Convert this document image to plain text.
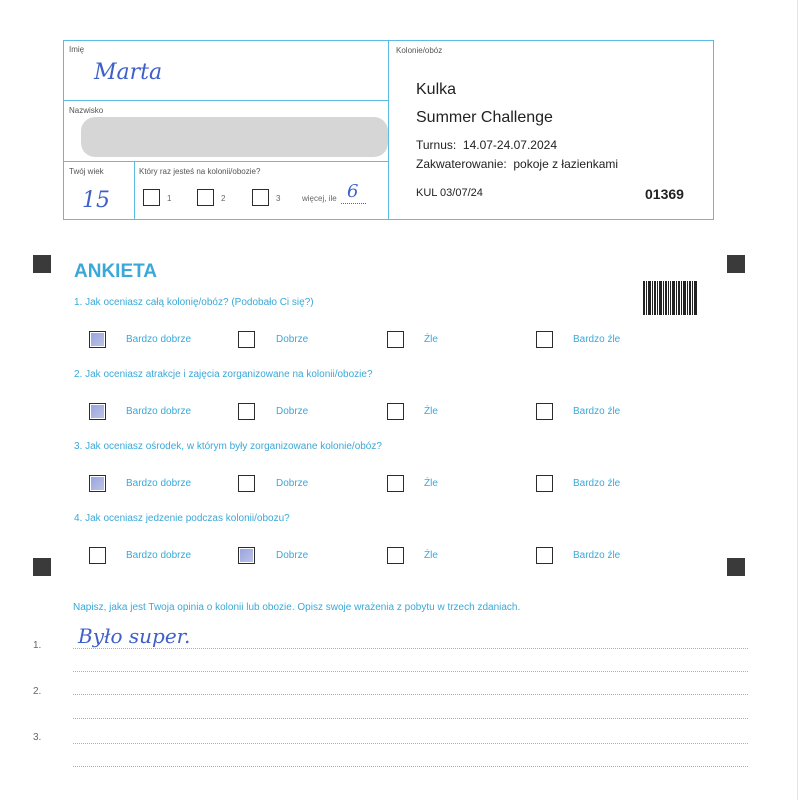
Imię
Marta
Nazwisko
Twój wiek
15
Który raz jesteś na kolonii/obozie?
1	2	3	więcej, ile 6
Kolonie/obóz
Kulka
Summer Challenge
Turnus:  14.07-24.07.2024
Zakwaterowanie:  pokoje z łazienkami
KUL 03/07/24	01369
ANKIETA
1. Jak oceniasz całą kolonię/obóz? (Podobało Ci się?)
Bardzo dobrze	Dobrze	Źle	Bardzo źle
2. Jak oceniasz atrakcje i zajęcia zorganizowane na kolonii/obozie?
Bardzo dobrze	Dobrze	Źle	Bardzo źle
3. Jak oceniasz ośrodek, w którym były zorganizowane kolonie/obóz?
Bardzo dobrze	Dobrze	Źle	Bardzo źle
4. Jak oceniasz jedzenie podczas kolonii/obozu?
Bardzo dobrze	Dobrze	Źle	Bardzo źle
Napisz, jaka jest Twoja opinia o kolonii lub obozie. Opisz swoje wrażenia z pobytu w trzech zdaniach.
1.
2.
3.
Było super.
